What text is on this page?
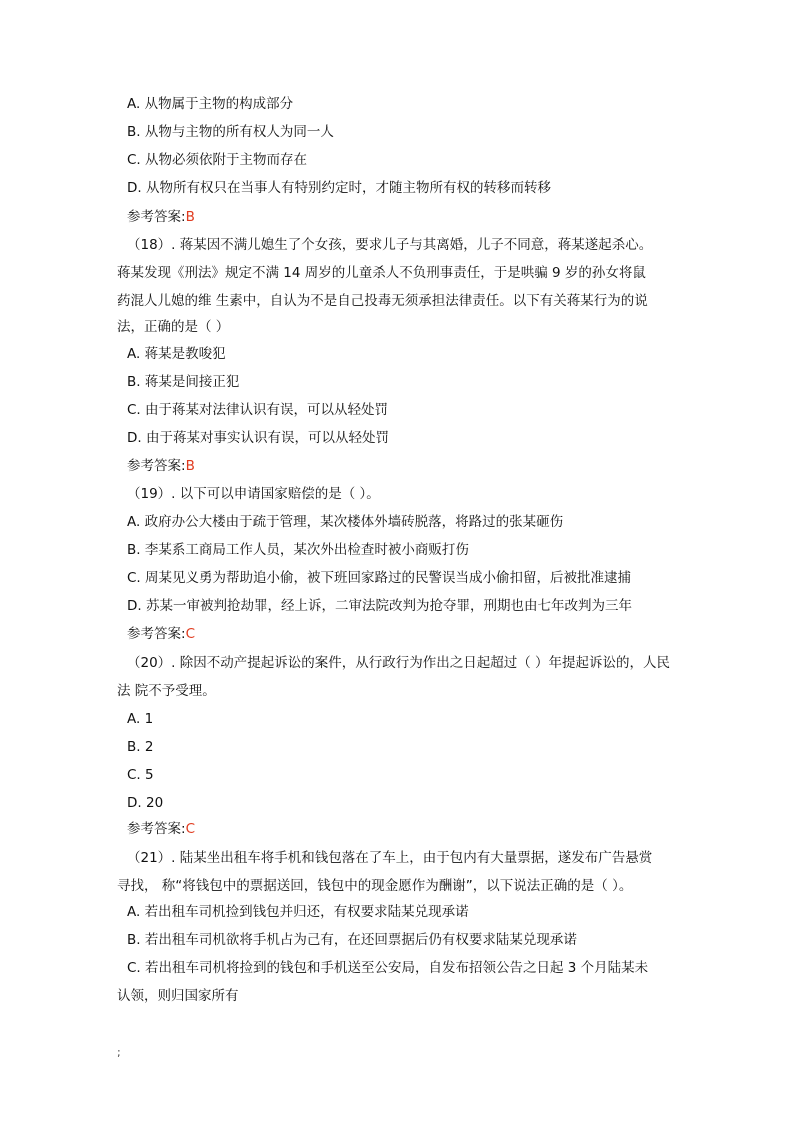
A. 从物属于主物的构成部分
B. 从物与主物的所有权人为同一人
C. 从物必须依附于主物而存在
D. 从物所有权只在当事人有特别约定时，才随主物所有权的转移而转移
参考答案:B
（18）. 蒋某因不满儿媳生了个女孩，要求儿子与其离婚，儿子不同意，蒋某遂起杀心。
蒋某发现《刑法》规定不满 14 周岁的儿童杀人不负刑事责任，于是哄骗 9 岁的孙女将鼠
药混人儿媳的维 生素中，自认为不是自己投毒无须承担法律责任。以下有关蒋某行为的说
法，正确的是（ ）
A. 蒋某是教唆犯
B. 蒋某是间接正犯
C. 由于蒋某对法律认识有误，可以从轻处罚
D. 由于蒋某对事实认识有误，可以从轻处罚
参考答案:B
（19）. 以下可以申请国家赔偿的是（ ）。
A. 政府办公大楼由于疏于管理，某次楼体外墙砖脱落，将路过的张某砸伤
B. 李某系工商局工作人员，某次外出检查时被小商贩打伤
C. 周某见义勇为帮助追小偷，被下班回家路过的民警误当成小偷扣留，后被批准逮捕
D. 苏某一审被判抢劫罪，经上诉，二审法院改判为抢夺罪，刑期也由七年改判为三年
参考答案:C
（20）. 除因不动产提起诉讼的案件，从行政行为作出之日起超过（ ）年提起诉讼的，人民
法 院不予受理。
A. 1
B. 2
C. 5
D. 20
参考答案:C
（21）. 陆某坐出租车将手机和钱包落在了车上，由于包内有大量票据，遂发布广告悬赏
寻找， 称“将钱包中的票据送回，钱包中的现金愿作为酬谢”，以下说法正确的是（ ）。
A. 若出租车司机捡到钱包并归还，有权要求陆某兑现承诺
B. 若出租车司机欲将手机占为己有，在还回票据后仍有权要求陆某兑现承诺
C. 若出租车司机将捡到的钱包和手机送至公安局，自发布招领公告之日起 3 个月陆某未
认领，则归国家所有
;
